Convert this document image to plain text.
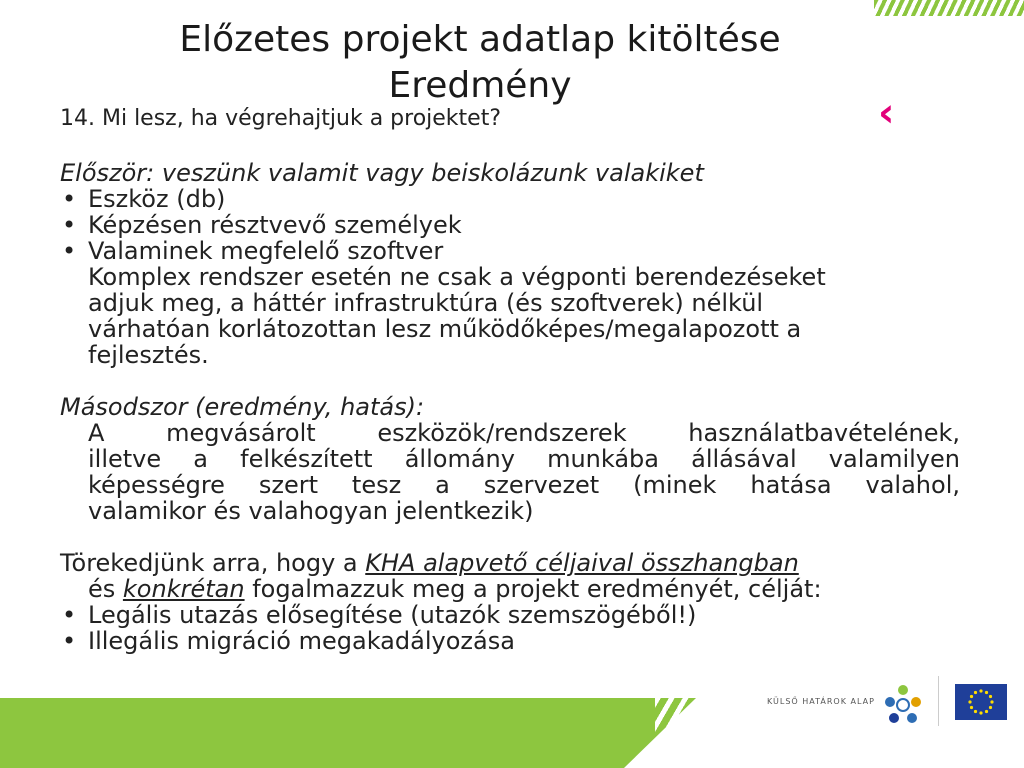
Előzetes projekt adatlap kitöltése
Eredmény
14. Mi lesz, ha végrehajtjuk a projektet?	‹

Először: veszünk valamit vagy beiskolázunk valakiket

• Eszköz (db)

• Képzésen résztvevő személyek

• Valaminek megfelelő szoftver

Komplex rendszer esetén ne csak a végponti berendezéseket

adjuk meg, a háttér infrastruktúra (és szoftverek) nélkül

várhatóan korlátozottan lesz működőképes/megalapozott a

fejlesztés.

Másodszor (eredmény, hatás):

A megvásárolt eszközök/rendszerek használatbavételének,

illetve a felkészített állomány munkába állásával valamilyen

képességre szert tesz a szervezet (minek hatása valahol,

valamikor és valahogyan jelentkezik)

Törekedjünk arra, hogy a KHA alapvető céljaival összhangban

és konkrétan fogalmazzuk meg a projekt eredményét, célját:

• Legális utazás elősegítése (utazók szemszögéből!)

• Illegális migráció megakadályozása

KÜLSŐ HATÁROK ALAP
